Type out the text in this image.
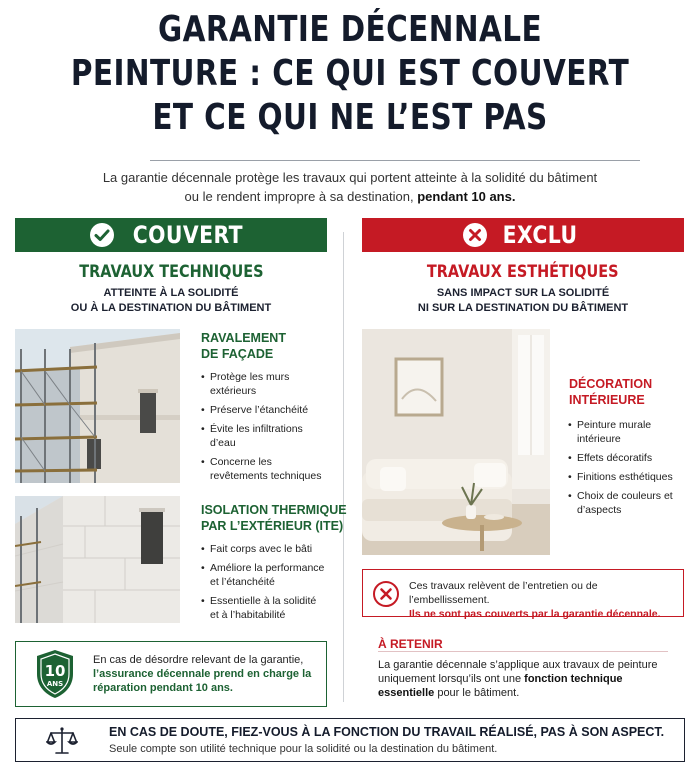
GARANTIE DÉCENNALE
PEINTURE : CE QUI EST COUVERT
ET CE QUI NE L’EST PAS
La garantie décennale protège les travaux qui portent atteinte à la solidité du bâtiment
ou le rendent impropre à sa destination, pendant 10 ans.
COUVERT	EXCLU
TRAVAUX TECHNIQUES
ATTEINTE À LA SOLIDITÉ
OU À LA DESTINATION DU BÂTIMENT
TRAVAUX ESTHÉTIQUES
SANS IMPACT SUR LA SOLIDITÉ
NI SUR LA DESTINATION DU BÂTIMENT
RAVALEMENT
DE FAÇADE
• Protège les murs extérieurs
• Préserve l’étanchéité
• Évite les infiltrations d’eau
• Concerne les revêtements techniques
ISOLATION THERMIQUE
PAR L’EXTÉRIEUR (ITE)
• Fait corps avec le bâti
• Améliore la performance et l’étanchéité
• Essentielle à la solidité et à l’habitabilité
10
ANS
En cas de désordre relevant de la garantie, l’assurance décennale prend en charge la réparation pendant 10 ans.
DÉCORATION
INTÉRIEURE
• Peinture murale intérieure
• Effets décoratifs
• Finitions esthétiques
• Choix de couleurs et d’aspects
Ces travaux relèvent de l’entretien ou de l’embellissement.
Ils ne sont pas couverts par la garantie décennale.
À RETENIR
La garantie décennale s’applique aux travaux de peinture uniquement lorsqu’ils ont une fonction technique essentielle pour le bâtiment.
EN CAS DE DOUTE, FIEZ-VOUS À LA FONCTION DU TRAVAIL RÉALISÉ, PAS À SON ASPECT.
Seule compte son utilité technique pour la solidité ou la destination du bâtiment.
